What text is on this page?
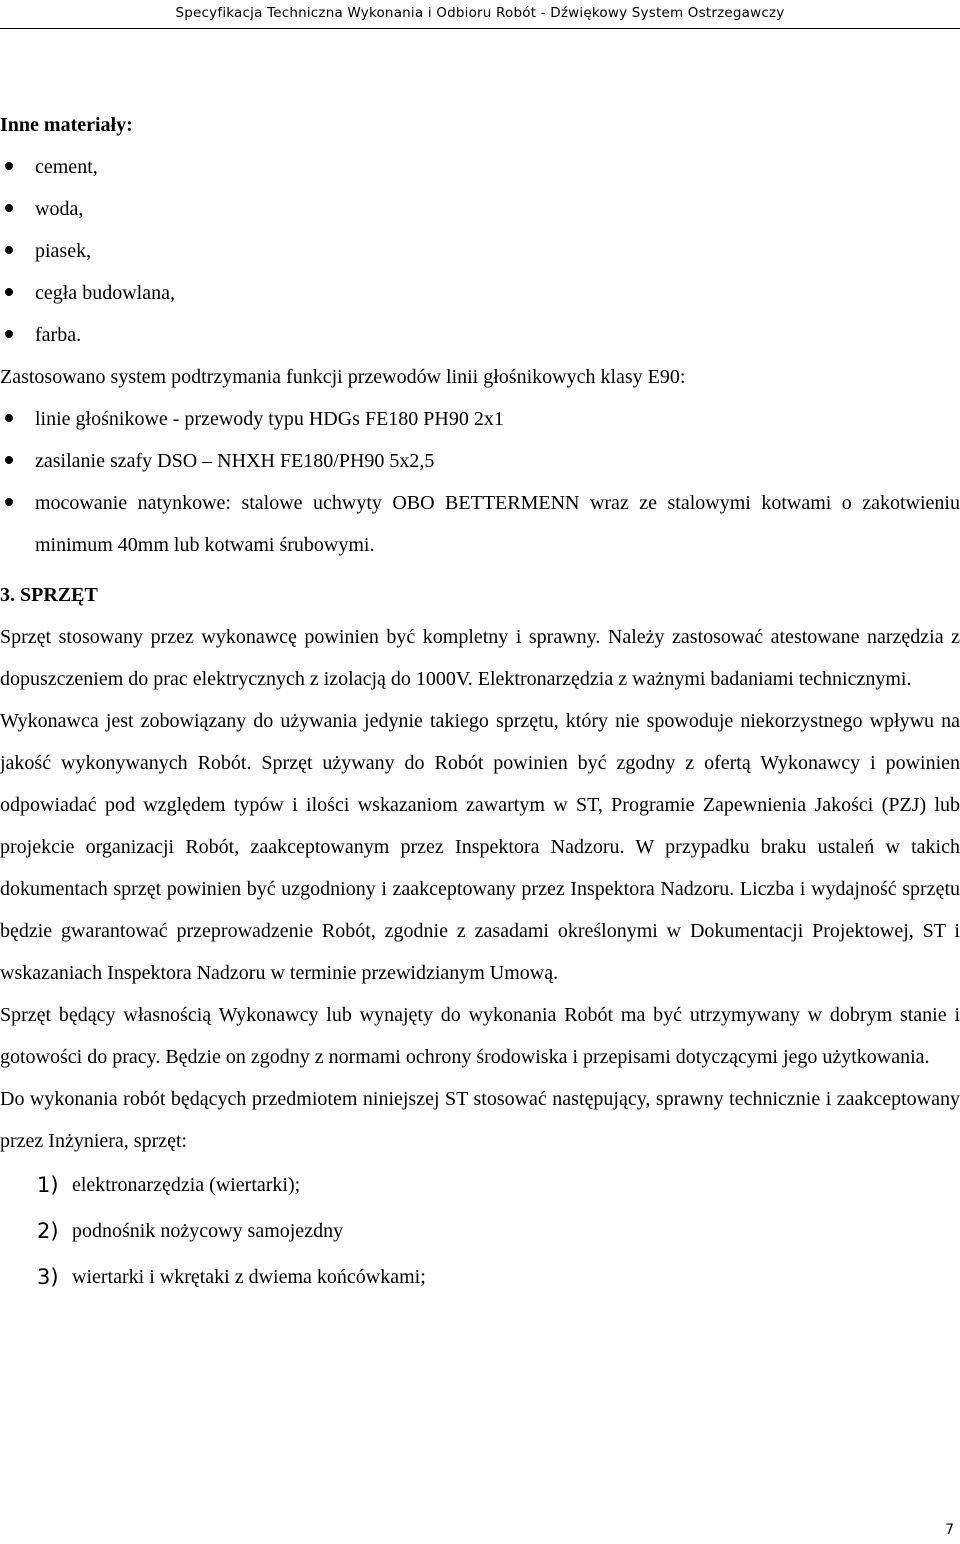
Specyfikacja Techniczna Wykonania i Odbioru Robót - Dźwiękowy System Ostrzegawczy

Inne materiały:

cement,
woda,
piasek,
cegła budowlana,
farba.

Zastosowano system podtrzymania funkcji przewodów linii głośnikowych klasy E90:

linie głośnikowe - przewody typu HDGs FE180 PH90 2x1
zasilanie szafy DSO – NHXH FE180/PH90 5x2,5
mocowanie natynkowe: stalowe uchwyty OBO BETTERMENN wraz ze stalowymi kotwami o zakotwieniu minimum 40mm lub kotwami śrubowymi.

3. SPRZĘT

Sprzęt stosowany przez wykonawcę powinien być kompletny i sprawny. Należy zastosować atestowane narzędzia z dopuszczeniem do prac elektrycznych z izolacją do 1000V. Elektronarzędzia z ważnymi badaniami technicznymi.

Wykonawca jest zobowiązany do używania jedynie takiego sprzętu, który nie spowoduje niekorzystnego wpływu na jakość wykonywanych Robót. Sprzęt używany do Robót powinien być zgodny z ofertą Wykonawcy i powinien odpowiadać pod względem typów i ilości wskazaniom zawartym w ST, Programie Zapewnienia Jakości (PZJ) lub projekcie organizacji Robót, zaakceptowanym przez Inspektora Nadzoru. W przypadku braku ustaleń w takich dokumentach sprzęt powinien być uzgodniony i zaakceptowany przez Inspektora Nadzoru. Liczba i wydajność sprzętu będzie gwarantować przeprowadzenie Robót, zgodnie z zasadami określonymi w Dokumentacji Projektowej, ST i wskazaniach Inspektora Nadzoru w terminie przewidzianym Umową.

Sprzęt będący własnością Wykonawcy lub wynajęty do wykonania Robót ma być utrzymywany w dobrym stanie i gotowości do pracy. Będzie on zgodny z normami ochrony środowiska i przepisami dotyczącymi jego użytkowania.

Do wykonania robót będących przedmiotem niniejszej ST stosować następujący, sprawny technicznie i zaakceptowany przez Inżyniera, sprzęt:

1) elektronarzędzia (wiertarki);
2) podnośnik nożycowy samojezdny
3) wiertarki i wkrętaki z dwiema końcówkami;
7
